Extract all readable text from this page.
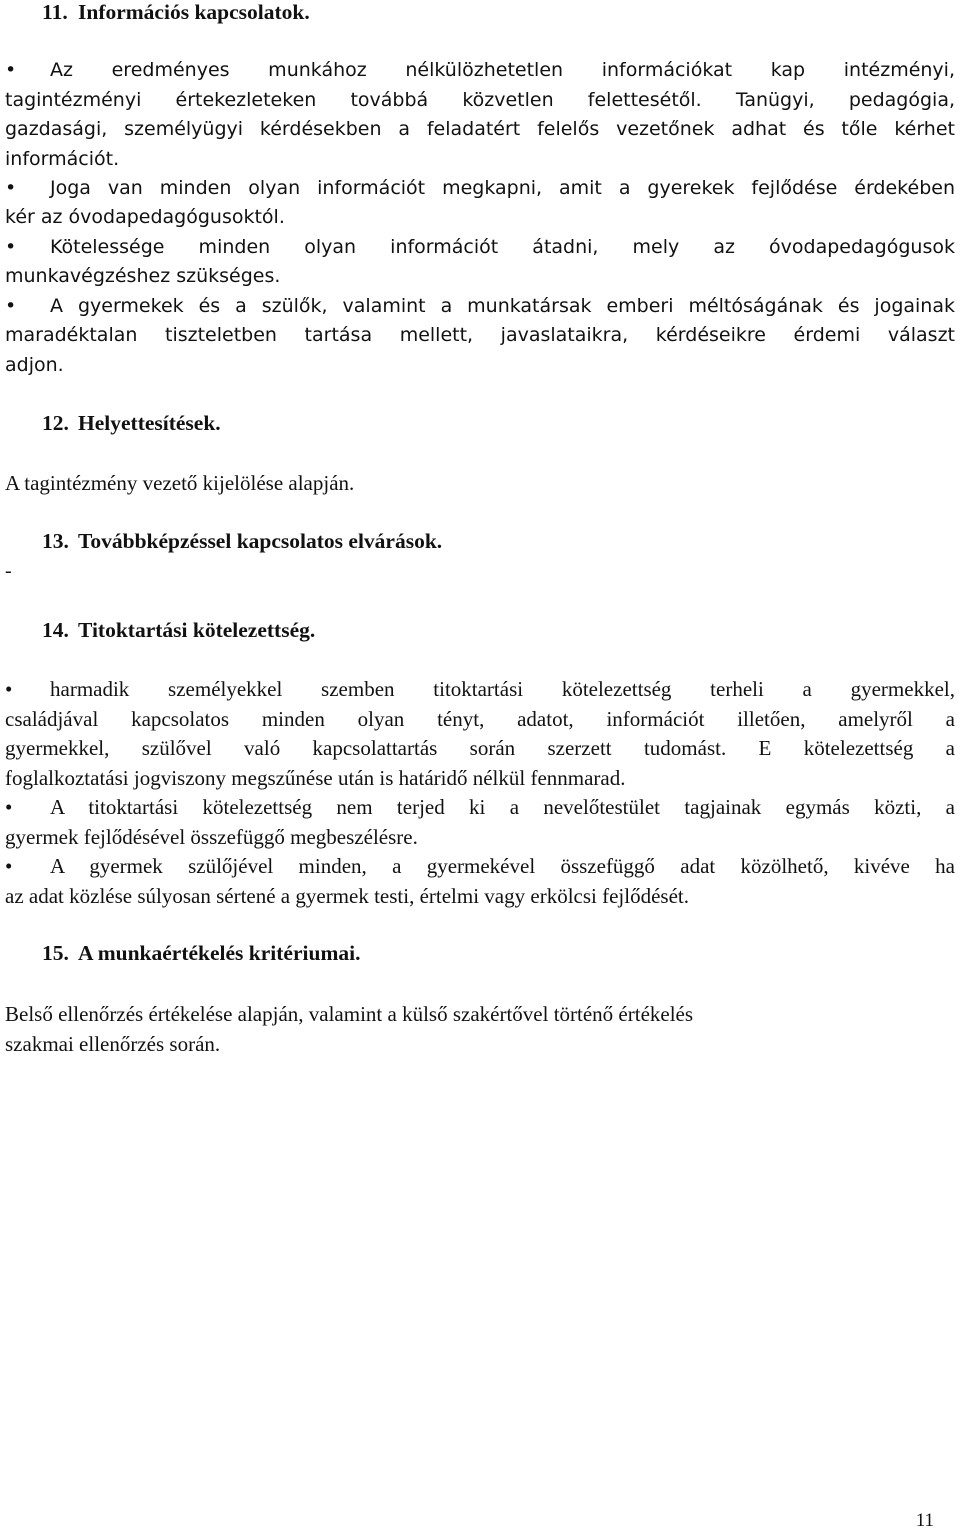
11. Információs kapcsolatok.
• Az eredményes munkához nélkülözhetetlen információkat kap intézményi,
tagintézményi értekezleteken továbbá közvetlen felettesétől. Tanügyi, pedagógia,
gazdasági, személyügyi kérdésekben a feladatért felelős vezetőnek adhat és tőle kérhet
információt.
• Joga van minden olyan információt megkapni, amit a gyerekek fejlődése érdekében
kér az óvodapedagógusoktól.
• Kötelessége minden olyan információt átadni, mely az óvodapedagógusok
munkavégzéshez szükséges.
• A gyermekek és a szülők, valamint a munkatársak emberi méltóságának és jogainak
maradéktalan tiszteletben tartása mellett, javaslataikra, kérdéseikre érdemi választ
adjon.
12. Helyettesítések.
A tagintézmény vezető kijelölése alapján.
13. Továbbképzéssel kapcsolatos elvárások.
-
14. Titoktartási kötelezettség.
• harmadik személyekkel szemben titoktartási kötelezettség terheli a gyermekkel,
családjával kapcsolatos minden olyan tényt, adatot, információt illetően, amelyről a
gyermekkel, szülővel való kapcsolattartás során szerzett tudomást. E kötelezettség a
foglalkoztatási jogviszony megszűnése után is határidő nélkül fennmarad.
• A titoktartási kötelezettség nem terjed ki a nevelőtestület tagjainak egymás közti, a
gyermek fejlődésével összefüggő megbeszélésre.
• A gyermek szülőjével minden, a gyermekével összefüggő adat közölhető, kivéve ha
az adat közlése súlyosan sértené a gyermek testi, értelmi vagy erkölcsi fejlődését.
15. A munkaértékelés kritériumai.
Belső ellenőrzés értékelése alapján, valamint a külső szakértővel történő értékelés
szakmai ellenőrzés során.
11
